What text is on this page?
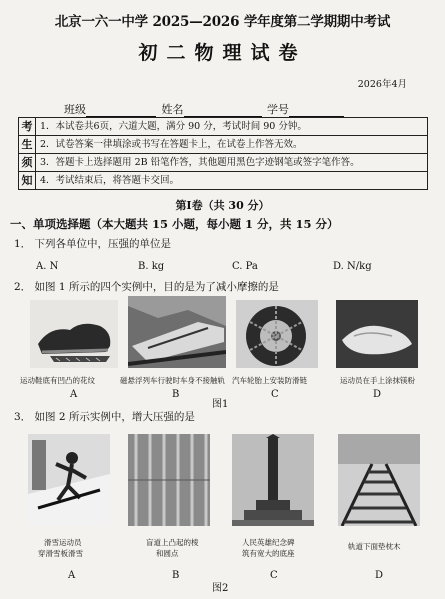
北京一六一中学 2025—2026 学年度第二学期期中考试
初二物理试卷
2026年4月
班级	姓名	学号
考	1．本试卷共6页，六道大题，满分 90 分，考试时间 90 分钟。
生	2．试卷答案一律填涂或书写在答题卡上，在试卷上作答无效。
须	3．答题卡上选择题用 2B 铅笔作答，其他题用黑色字迹钢笔或签字笔作答。
知	4．考试结束后，将答题卡交回。
第Ⅰ卷（共 30 分）
一、单项选择题（本大题共 15 小题，每小题 1 分，共 15 分）
1． 下列各单位中，压强的单位是
A. N	B. kg	C. Pa	D. N/kg
2． 如图 1 所示的四个实例中，目的是为了减小摩擦的是
运动鞋底有凹凸的花纹	磁悬浮列车行驶时车身不接触轨 汽车轮胎上安装防滑链	运动员在手上涂抹镁粉
A	B	C	D
图1
3． 如图 2 所示实例中，增大压强的是
滑雪运动员
穿滑雪板滑雪
盲道上凸起的棱
和圆点
人民英雄纪念碑
筑有宽大的底座
轨道下面垫枕木
A	B	C	D
图2
